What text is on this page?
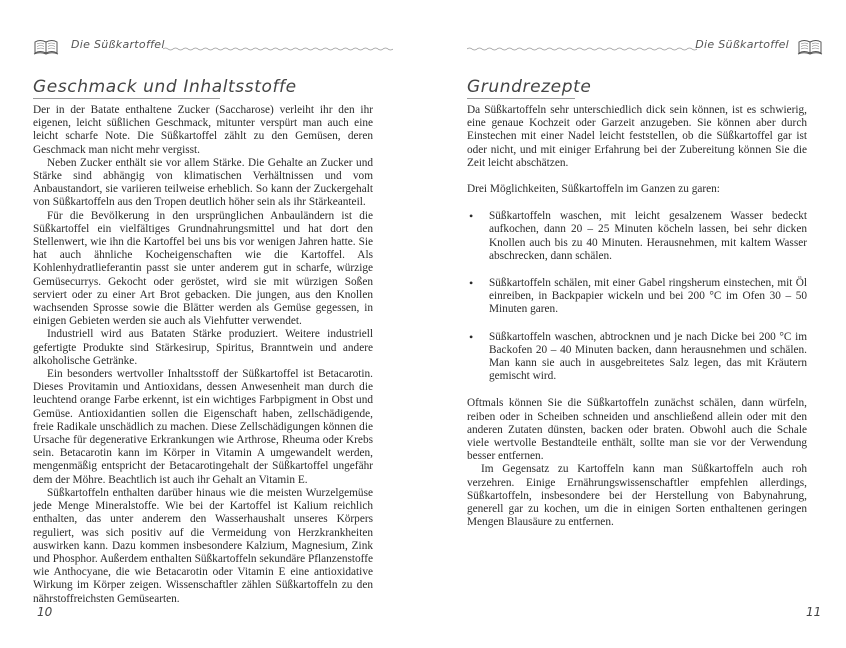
Die Süßkartoffel
Geschmack und Inhaltsstoffe

Der in der Batate enthaltene Zucker (Saccharose) verleiht ihr den ihr eigenen, leicht süßlichen Geschmack, mitunter verspürt man auch eine leicht scharfe Note. Die Süßkartoffel zählt zu den Gemüsen, deren Geschmack man nicht mehr vergisst.

Neben Zucker enthält sie vor allem Stärke. Die Gehalte an Zucker und Stärke sind abhängig von klimatischen Verhältnissen und vom Anbaustandort, sie variieren teilweise erheblich. So kann der Zuckergehalt von Süßkartoffeln aus den Tropen deutlich höher sein als ihr Stärkeanteil.

Für die Bevölkerung in den ursprünglichen Anbauländern ist die Süßkartoffel ein vielfältiges Grundnahrungsmittel und hat dort den Stellenwert, wie ihn die Kartoffel bei uns bis vor wenigen Jahren hatte. Sie hat auch ähnliche Kocheigenschaften wie die Kartoffel. Als Kohlenhydratlieferantin passt sie unter anderem gut in scharfe, würzige Gemüsecurrys. Gekocht oder geröstet, wird sie mit würzigen Soßen serviert oder zu einer Art Brot gebacken. Die jungen, aus den Knollen wachsenden Sprosse sowie die Blätter werden als Gemüse gegessen, in einigen Gebieten werden sie auch als Viehfutter verwendet.

Industriell wird aus Bataten Stärke produziert. Weitere industriell gefertigte Produkte sind Stärkesirup, Spiritus, Branntwein und andere alkoholische Getränke.

Ein besonders wertvoller Inhaltsstoff der Süßkartoffel ist Betacarotin. Dieses Provitamin und Antioxidans, dessen Anwesenheit man durch die leuchtend orange Farbe erkennt, ist ein wichtiges Farbpigment in Obst und Gemüse. Antioxidantien sollen die Eigenschaft haben, zellschädigende, freie Radikale unschädlich zu machen. Diese Zellschädigungen können die Ursache für degenerative Erkrankungen wie Arthrose, Rheuma oder Krebs sein. Betacarotin kann im Körper in Vitamin A umgewandelt werden, mengenmäßig entspricht der Betacarotingehalt der Süßkartoffel ungefähr dem der Möhre. Beachtlich ist auch ihr Gehalt an Vitamin E.

Süßkartoffeln enthalten darüber hinaus wie die meisten Wurzelgemüse jede Menge Mineralstoffe. Wie bei der Kartoffel ist Kalium reichlich enthalten, das unter anderem den Wasserhaushalt unseres Körpers reguliert, was sich positiv auf die Vermeidung von Herzkrankheiten auswirken kann. Dazu kommen insbesondere Kalzium, Magnesium, Zink und Phosphor. Außerdem enthalten Süßkartoffeln sekundäre Pflanzenstoffe wie Anthocyane, die wie Betacarotin oder Vitamin E eine antioxidative Wirkung im Körper zeigen. Wissenschaftler zählen Süßkartoffeln zu den nährstoffreichsten Gemüsearten.

10
Die Süßkartoffel
Grundrezepte

Da Süßkartoffeln sehr unterschiedlich dick sein können, ist es schwierig, eine genaue Kochzeit oder Garzeit anzugeben. Sie können aber durch Einstechen mit einer Nadel leicht feststellen, ob die Süßkartoffel gar ist oder nicht, und mit einiger Erfahrung bei der Zubereitung können Sie die Zeit leicht abschätzen.

Drei Möglichkeiten, Süßkartoffeln im Ganzen zu garen:

• Süßkartoffeln waschen, mit leicht gesalzenem Wasser bedeckt aufkochen, dann 20 – 25 Minuten köcheln lassen, bei sehr dicken Knollen auch bis zu 40 Minuten. Herausnehmen, mit kaltem Wasser abschrecken, dann schälen.
• Süßkartoffeln schälen, mit einer Gabel ringsherum einstechen, mit Öl einreiben, in Backpapier wickeln und bei 200 °C im Ofen 30 – 50 Minuten garen.
• Süßkartoffeln waschen, abtrocknen und je nach Dicke bei 200 °C im Backofen 20 – 40 Minuten backen, dann herausnehmen und schälen. Man kann sie auch in ausgebreitetes Salz legen, das mit Kräutern gemischt wird.

Oftmals können Sie die Süßkartoffeln zunächst schälen, dann würfeln, reiben oder in Scheiben schneiden und anschließend allein oder mit den anderen Zutaten dünsten, backen oder braten. Obwohl auch die Schale viele wertvolle Bestandteile enthält, sollte man sie vor der Verwendung besser entfernen.

Im Gegensatz zu Kartoffeln kann man Süßkartoffeln auch roh verzehren. Einige Ernährungswissenschaftler empfehlen allerdings, Süßkartoffeln, insbesondere bei der Herstellung von Babynahrung, generell gar zu kochen, um die in einigen Sorten enthaltenen geringen Mengen Blausäure zu entfernen.

11
